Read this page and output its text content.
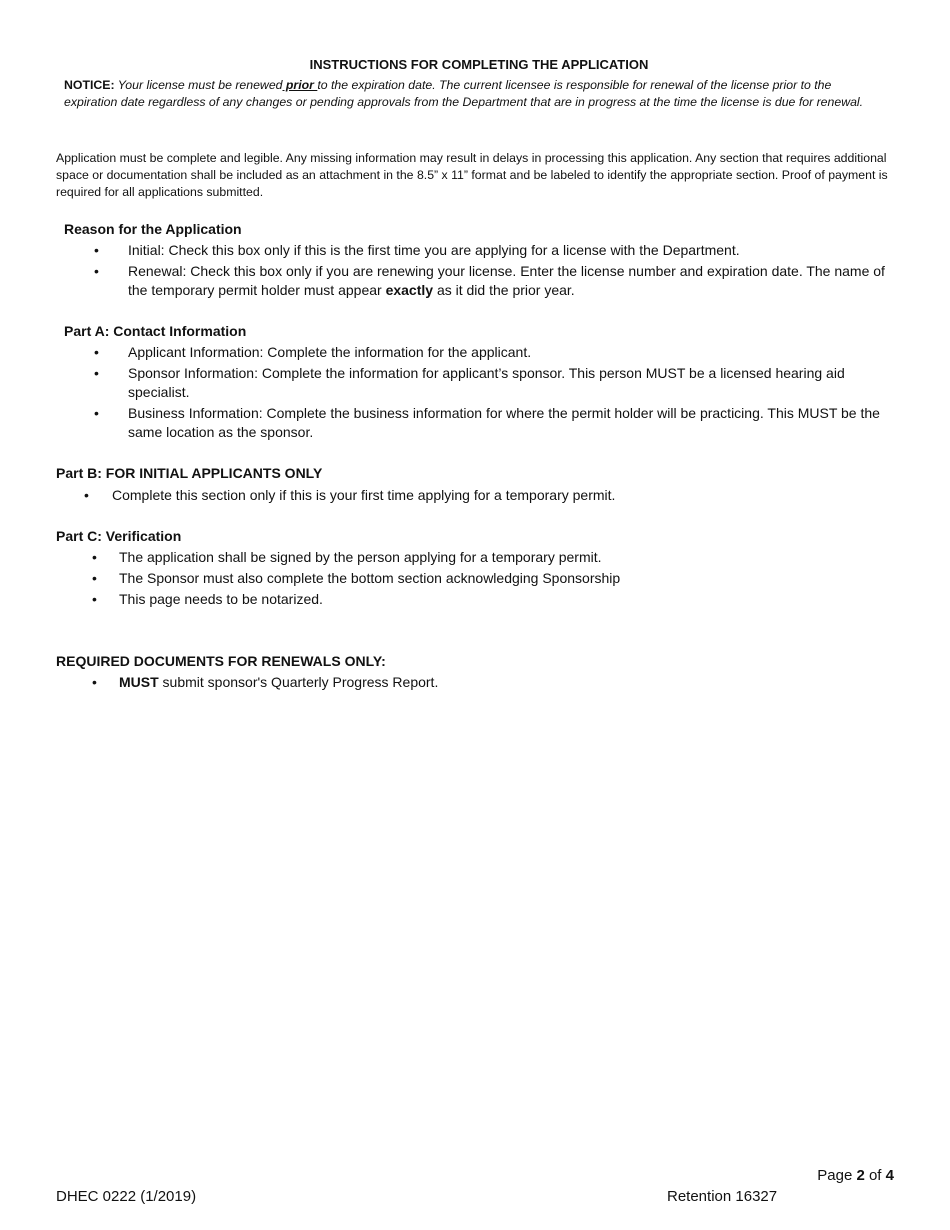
INSTRUCTIONS FOR COMPLETING THE APPLICATION
NOTICE: Your license must be renewed prior to the expiration date. The current licensee is responsible for renewal of the license prior to the expiration date regardless of any changes or pending approvals from the Department that are in progress at the time the license is due for renewal.
Application must be complete and legible. Any missing information may result in delays in processing this application. Any section that requires additional space or documentation shall be included as an attachment in the 8.5” x 11” format and be labeled to identify the appropriate section. Proof of payment is required for all applications submitted.
Reason for the Application
• Initial: Check this box only if this is the first time you are applying for a license with the Department.
• Renewal: Check this box only if you are renewing your license. Enter the license number and expiration date. The name of the temporary permit holder must appear exactly as it did the prior year.
Part A: Contact Information
• Applicant Information: Complete the information for the applicant.
• Sponsor Information: Complete the information for applicant’s sponsor. This person MUST be a licensed hearing aid specialist.
• Business Information: Complete the business information for where the permit holder will be practicing. This MUST be the same location as the sponsor.
Part B: FOR INITIAL APPLICANTS ONLY
• Complete this section only if this is your first time applying for a temporary permit.
Part C: Verification
• The application shall be signed by the person applying for a temporary permit.
• The Sponsor must also complete the bottom section acknowledging Sponsorship
• This page needs to be notarized.
REQUIRED DOCUMENTS FOR RENEWALS ONLY:
• MUST submit sponsor's Quarterly Progress Report.
Page 2 of 4
DHEC 0222 (1/2019)	Retention 16327
